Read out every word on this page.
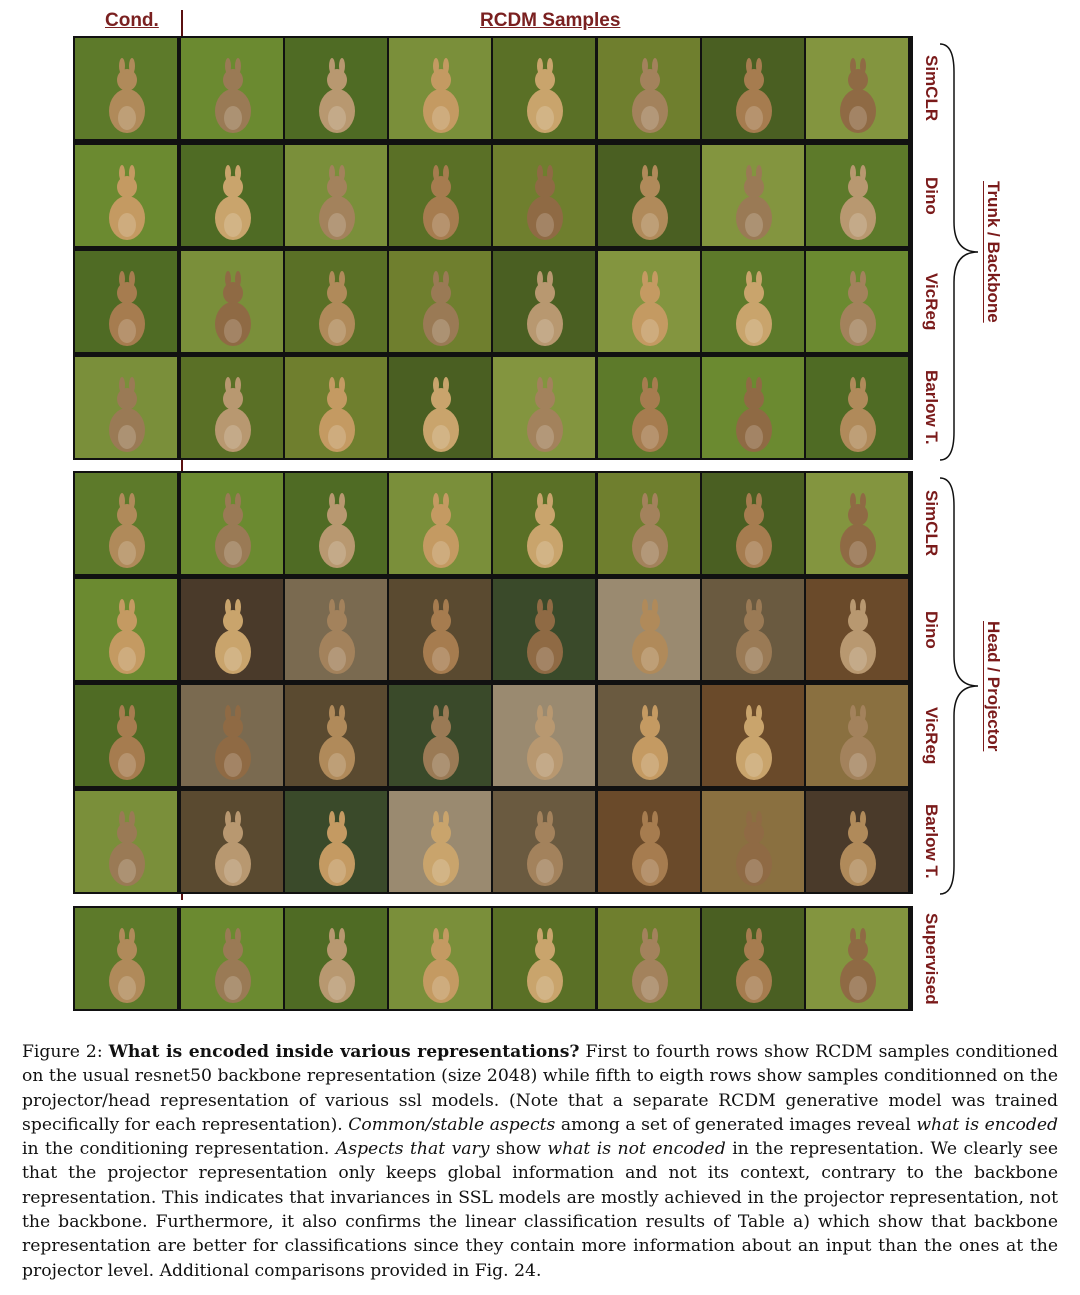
Cond.	RCDM Samples
SimCLR
Dino
VicReg
Barlow T.
SimCLR
Dino
VicReg
Barlow T.
Supervised
Trunk / Backbone
Head / Projector
Figure 2: What is encoded inside various representations? First to fourth rows show RCDM samples conditioned on the usual resnet50 backbone representation (size 2048) while fifth to eigth rows show samples conditionned on the projector/head representation of various ssl models. (Note that a separate RCDM generative model was trained specifically for each representation). Common/stable aspects among a set of generated images reveal what is encoded in the conditioning representation. Aspects that vary show what is not encoded in the representation. We clearly see that the projector representation only keeps global information and not its context, contrary to the backbone representation. This indicates that invariances in SSL models are mostly achieved in the projector representation, not the backbone. Furthermore, it also confirms the linear classification results of Table a) which show that backbone representation are better for classifications since they contain more information about an input than the ones at the projector level. Additional comparisons provided in Fig. 24.
